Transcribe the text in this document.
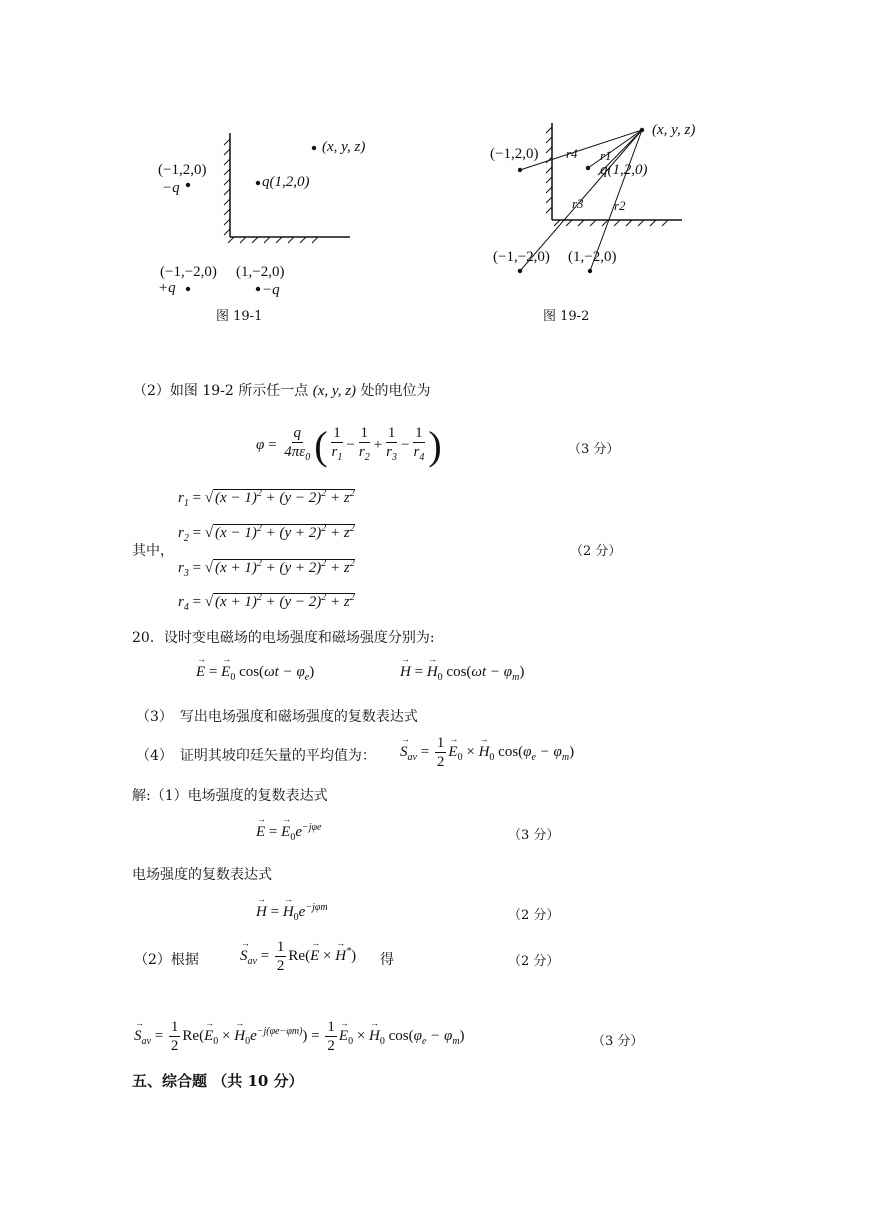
(x, y, z)
q(1,2,0)
(−1,2,0)
−q
(−1,−2,0)
+q
(1,−2,0)
−q
图 19-1
(x, y, z)
(−1,2,0)
q(1,2,0)
(−1,−2,0) (1,−2,0)
r4 r1
r3 r2
图 19-2
（2）如图 19-2 所示任一点 (x, y, z) 处的电位为
$\varphi = \frac{q}{4\pi\varepsilon_0}$ ( $\frac{1}{r_1} - \frac{1}{r_2} + \frac{1}{r_3} - \frac{1}{r_4}$ )	（3 分）
其中，
$r_1$ = √ $(x - 1)^2 + (y - 2)^2 + z^2$
$r_2$ = √ $(x - 1)^2 + (y + 2)^2 + z^2$
$r_3$ = √ $(x + 1)^2 + (y + 2)^2 + z^2$
$r_4$ = √ $(x + 1)^2 + (y - 2)^2 + z^2$
（2 分）
20．设时变电磁场的电场强度和磁场强度分别为:
→ E = → $E_0$ $\cos(\omega t - \varphi_e)$
→	H = → $H_0$ $\cos(\omega t - \varphi_m)$
（3）　写出电场强度和磁场强度的复数表达式
（4）　证明其坡印廷矢量的平均值为：
→ $S_{av} = \frac{1}{2}$
→ $E_0$ × → $H_0$ $\cos(\varphi_e - \varphi_m)$
解:（1）电场强度的复数表达式
→ E = → $E_0e^{-j\varphi e}$
（3 分）
电场强度的复数表达式
→ H = → $H_0e^{-j\varphi m}$
（2 分）
（2）根据
→	$S_{av} = \frac{1}{2} Re(\to E$ × → H*) 得	（2 分）
→ $S_{av} = \frac{1}{2} Re(\to E_0$ × → $H_0e^{-j(\varphi e-\varphi m)}) = \frac{1}{2}$
→ $E_0$ × → $H_0$ $\cos(\varphi_e - \varphi_m)$	（3 分）
五、综合题 （共 10 分）
